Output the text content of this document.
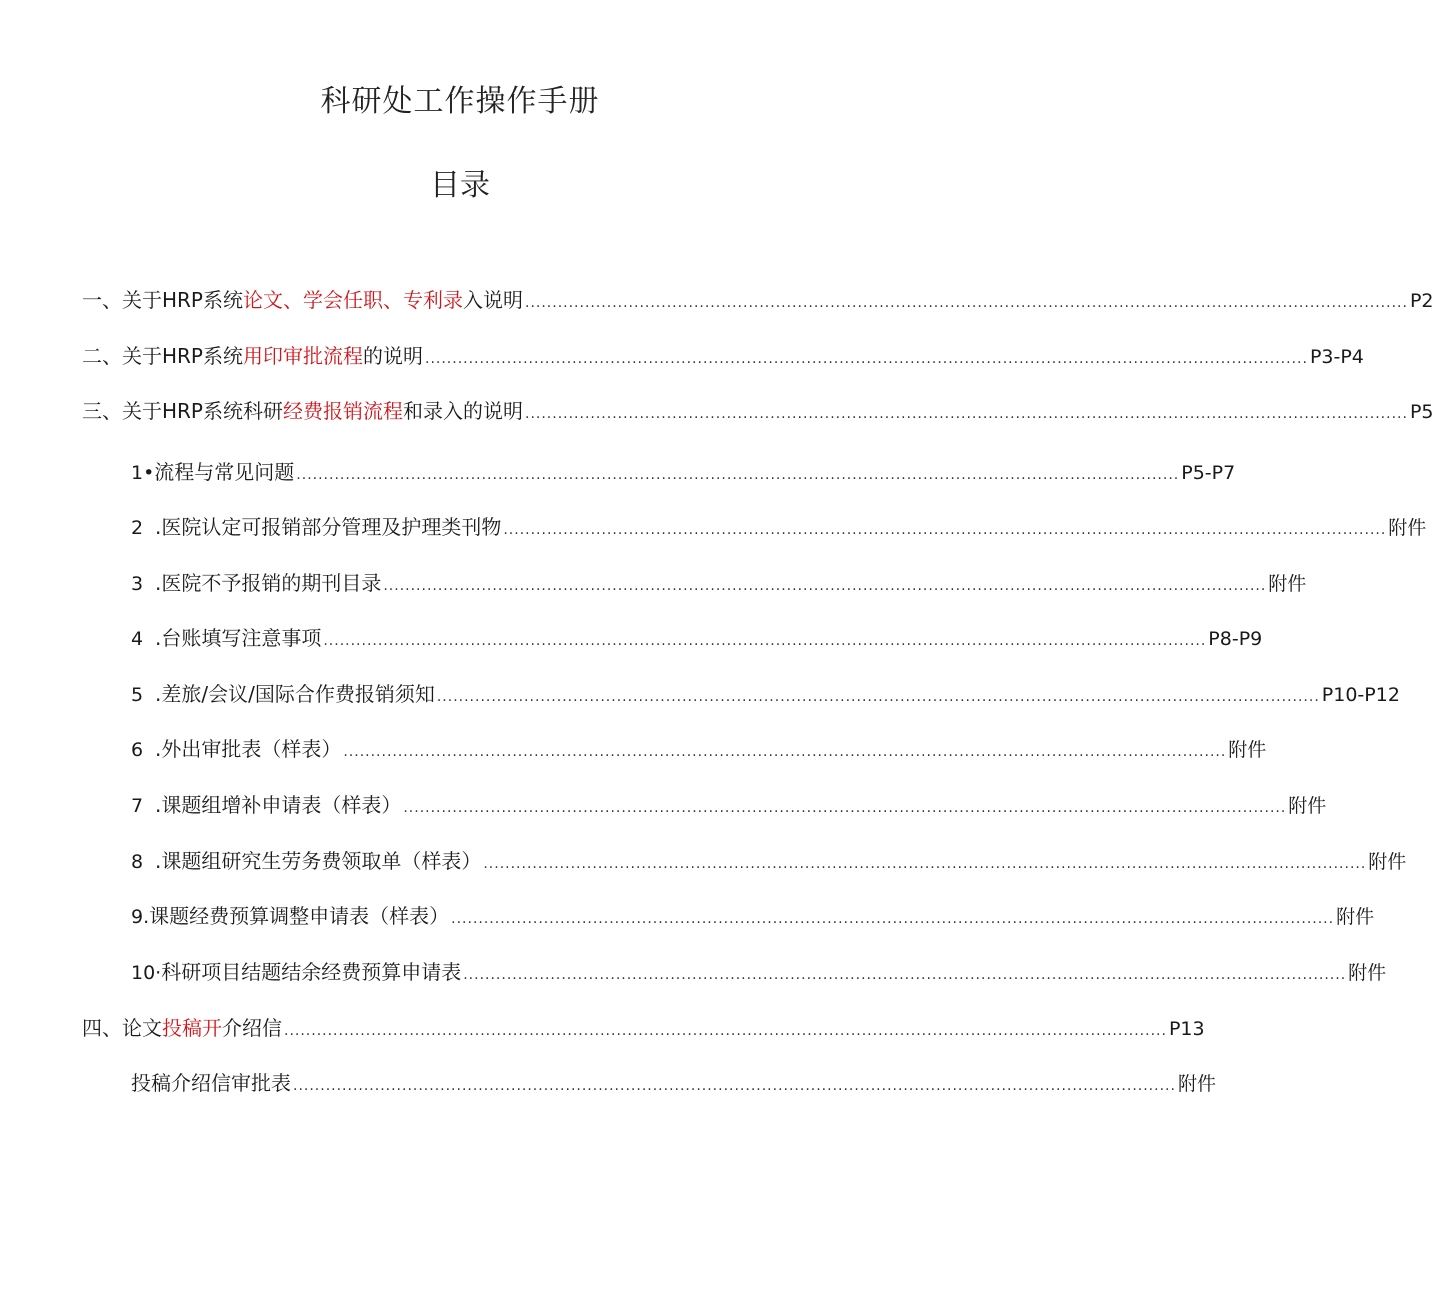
科研处工作操作手册
目录
一、关于HRP系统论文、学会任职、专利录入说明 .................................................................................................................................................................. P2
二、关于HRP系统用印审批流程的说明 .................................................................................................................................................................. P3-P4
三、关于HRP系统科研经费报销流程和录入的说明 .................................................................................................................................................................. P5
1•流程与常见问题 .................................................................................................................................................................. P5-P7
2 .医院认定可报销部分管理及护理类刊物 .................................................................................................................................................................. 附件
3 .医院不予报销的期刊目录 .................................................................................................................................................................. 附件
4 .台账填写注意事项 .................................................................................................................................................................. P8-P9
5 .差旅/会议/国际合作费报销须知 .................................................................................................................................................................. P10-P12
6 .外出审批表（样表） .................................................................................................................................................................. 附件
7 .课题组增补申请表（样表） .................................................................................................................................................................. 附件
8 .课题组研究生劳务费领取单（样表） .................................................................................................................................................................. 附件
9.课题经费预算调整申请表（样表） .................................................................................................................................................................. 附件
10·科研项目结题结余经费预算申请表 .................................................................................................................................................................. 附件
四、论文投稿开介绍信 .................................................................................................................................................................. P13
投稿介绍信审批表 .................................................................................................................................................................. 附件
